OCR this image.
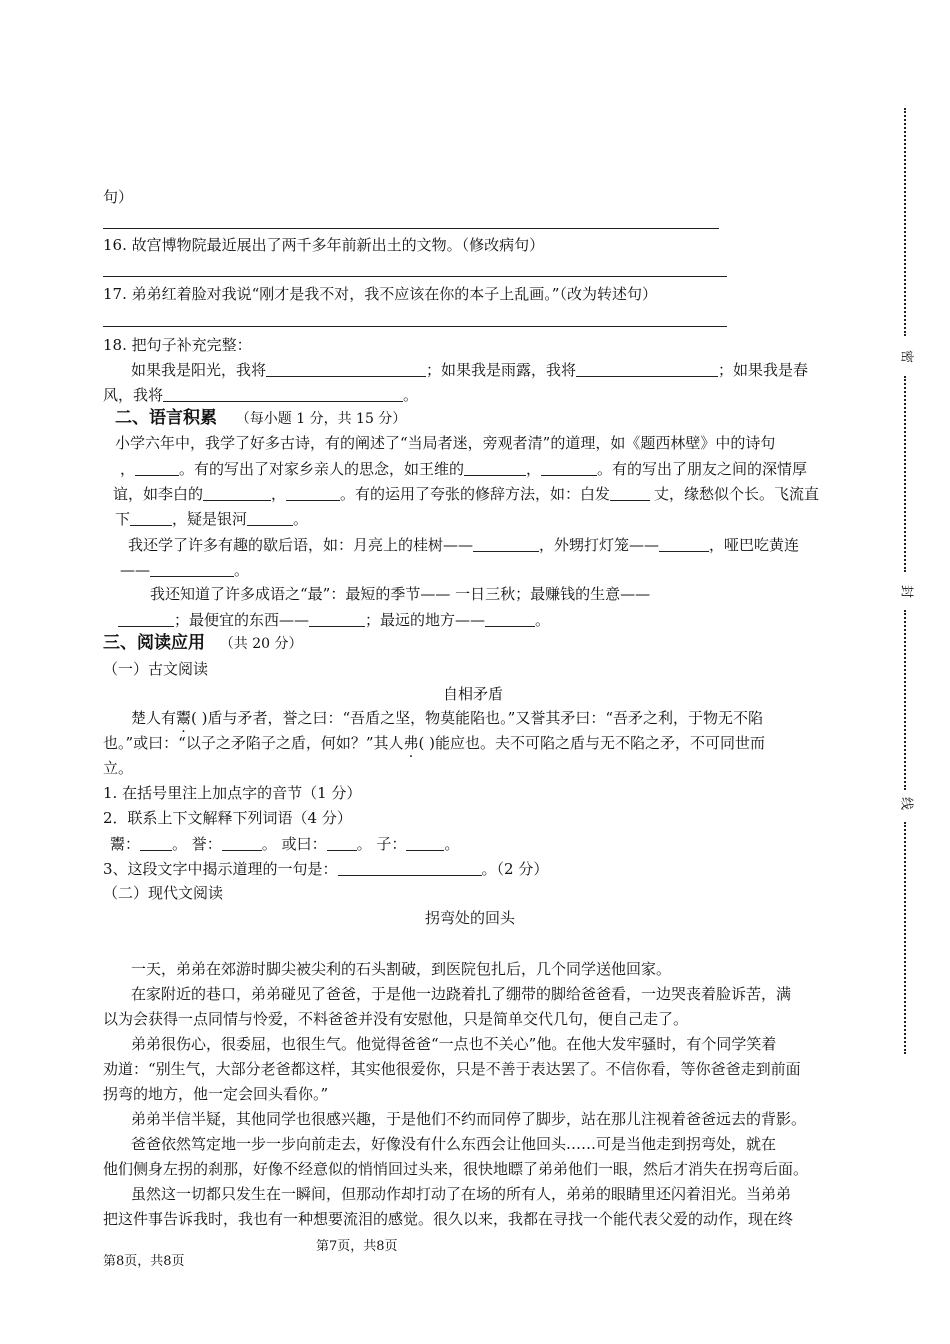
密
封
线
句）
16. 故宫博物院最近展出了两千多年前新出土的文物。（修改病句）
17. 弟弟红着脸对我说“刚才是我不对，我不应该在你的本子上乱画。”（改为转述句）
18. 把句子补充完整：
如果我是阳光，我将	；如果我是雨露，我将	；如果我是春
风，我将	。
二、语言积累 （每小题 1 分，共 15 分）
小学六年中，我学了好多古诗，有的阐述了“当局者迷，旁观者清”的道理，如《题西林壁》中的诗句
，	。有的写出了对家乡亲人的思念，如王维的	，	。有的写出了朋友之间的深情厚
谊，如李白的	，	。有的运用了夸张的修辞方法，如：白发	丈，缘愁似个长。飞流直
下	，疑是银河	。
我还学了许多有趣的歇后语，如：月亮上的桂树——	，外甥打灯笼——	，哑巴吃黄连
——	。
我还知道了许多成语之“最”：最短的季节—— 一日三秋；最赚钱的生意——
；最便宜的东西——	；最远的地方——	。
三、阅读应用 （共 20 分）
（一）古文阅读
自相矛盾
楚人有鬻( )盾与矛者，誉之曰：“吾盾之坚，物莫能陷也。”又誉其矛曰：“吾矛之利，于物无不陷
也。”或曰：“以子之矛陷子之盾，何如？”其人弗( )能应也。夫不可陷之盾与无不陷之矛，不可同世而
立。
1. 在括号里注上加点字的音节（1 分）
2．联系上下文解释下列词语（4 分）
鬻： 。 誉：	。 或曰： 。 子：	。
3、这段文字中揭示道理的一句是：	。（2 分）
（二）现代文阅读
拐弯处的回头
一天，弟弟在郊游时脚尖被尖利的石头割破，到医院包扎后，几个同学送他回家。
在家附近的巷口，弟弟碰见了爸爸，于是他一边跷着扎了绷带的脚给爸爸看，一边哭丧着脸诉苦，满
以为会获得一点同情与怜爱，不料爸爸并没有安慰他，只是简单交代几句，便自己走了。
弟弟很伤心，很委屈，也很生气。他觉得爸爸“一点也不关心”他。在他大发牢骚时，有个同学笑着
劝道：“别生气，大部分老爸都这样，其实他很爱你，只是不善于表达罢了。不信你看，等你爸爸走到前面
拐弯的地方，他一定会回头看你。”
弟弟半信半疑，其他同学也很感兴趣，于是他们不约而同停了脚步，站在那儿注视着爸爸远去的背影。
爸爸依然笃定地一步一步向前走去，好像没有什么东西会让他回头……可是当他走到拐弯处，就在
他们侧身左拐的刹那，好像不经意似的悄悄回过头来，很快地瞟了弟弟他们一眼，然后才消失在拐弯后面。
虽然这一切都只发生在一瞬间，但那动作却打动了在场的所有人，弟弟的眼睛里还闪着泪光。当弟弟
把这件事告诉我时，我也有一种想要流泪的感觉。很久以来，我都在寻找一个能代表父爱的动作，现在终
第7页，共8页
第8页，共8页
